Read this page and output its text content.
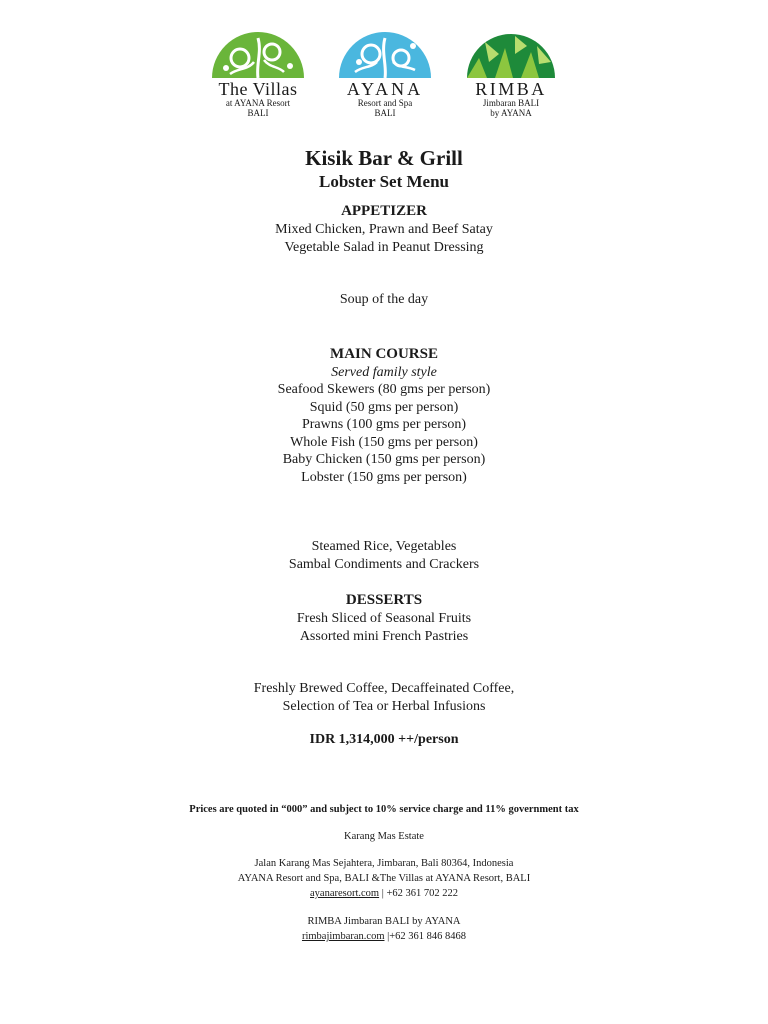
The Villas
at AYANA Resort
BALI
AYANA
Resort and Spa
BALI
RIMBA
Jimbaran BALI
by AYANA
Kisik Bar & Grill
Lobster Set Menu
APPETIZER
Mixed Chicken, Prawn and Beef Satay
Vegetable Salad in Peanut Dressing
Soup of the day
MAIN COURSE
Served family style
Seafood Skewers (80 gms per person)
Squid (50 gms per person)
Prawns (100 gms per person)
Whole Fish (150 gms per person)
Baby Chicken (150 gms per person)
Lobster (150 gms per person)
Steamed Rice, Vegetables
Sambal Condiments and Crackers
DESSERTS
Fresh Sliced of Seasonal Fruits
Assorted mini French Pastries
Freshly Brewed Coffee, Decaffeinated Coffee,
Selection of Tea or Herbal Infusions
IDR 1,314,000 ++/person
Prices are quoted in “000” and subject to 10% service charge and 11% government tax
Karang Mas Estate
Jalan Karang Mas Sejahtera, Jimbaran, Bali 80364, Indonesia
AYANA Resort and Spa, BALI &The Villas at AYANA Resort, BALI
ayanaresort.com | +62 361 702 222
RIMBA Jimbaran BALI by AYANA
rimbajimbaran.com |+62 361 846 8468
